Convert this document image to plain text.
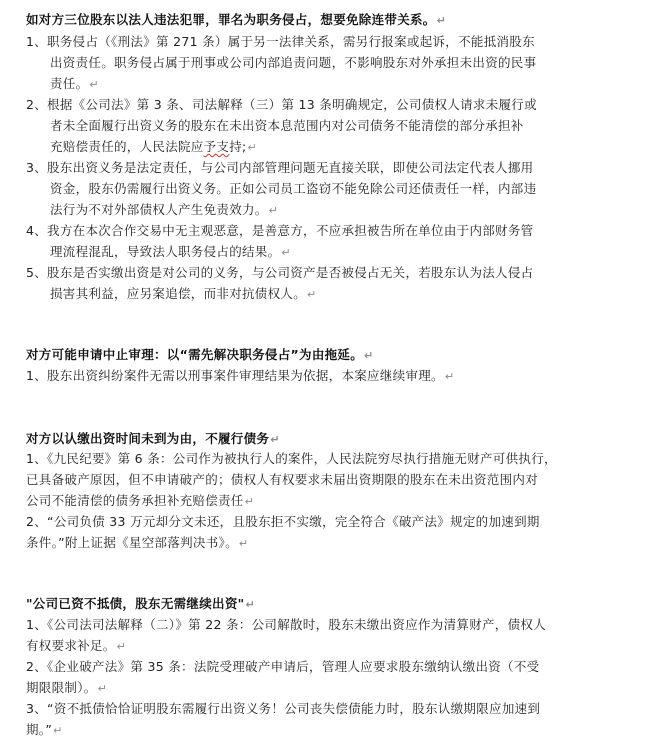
如对方三位股东以法人违法犯罪，罪名为职务侵占，想要免除连带关系。↵
1、职务侵占（《刑法》第 271 条）属于另一法律关系，需另行报案或起诉，不能抵消股东
出资责任。职务侵占属于刑事或公司内部追责问题，不影响股东对外承担未出资的民事
责任。↵
2、根据《公司法》第 3 条、司法解释（三）第 13 条明确规定，公司债权人请求未履行或
者未全面履行出资义务的股东在未出资本息范围内对公司债务不能清偿的部分承担补
充赔偿责任的，人民法院应予支持;↵
3、股东出资义务是法定责任，与公司内部管理问题无直接关联，即使公司法定代表人挪用
资金，股东仍需履行出资义务。正如公司员工盗窃不能免除公司还债责任一样，内部违
法行为不对外部债权人产生免责效力。↵
4、我方在本次合作交易中无主观恶意，是善意方，不应承担被告所在单位由于内部财务管
理流程混乱，导致法人职务侵占的结果。↵
5、股东是否实缴出资是对公司的义务，与公司资产是否被侵占无关，若股东认为法人侵占
损害其利益，应另案追偿，而非对抗债权人。↵
对方可能申请中止审理：以“需先解决职务侵占”为由拖延。↵
1、股东出资纠纷案件无需以刑事案件审理结果为依据，本案应继续审理。↵
对方以认缴出资时间未到为由，不履行债务↵
1、《九民纪要》第 6 条：公司作为被执行人的案件，人民法院穷尽执行措施无财产可供执行，
已具备破产原因，但不申请破产的；债权人有权要求未届出资期限的股东在未出资范围内对
公司不能清偿的债务承担补充赔偿责任↵
2、“公司负债 33 万元却分文未还，且股东拒不实缴，完全符合《破产法》规定的加速到期
条件。”附上证据《星空部落判决书》。↵
"公司已资不抵债，股东无需继续出资"↵
1、《公司法司法解释（二）》第 22 条：公司解散时，股东未缴出资应作为清算财产，债权人
有权要求补足。↵
2、《企业破产法》第 35 条：法院受理破产申请后，管理人应要求股东缴纳认缴出资（不受
期限限制）。↵
3、“资不抵债恰恰证明股东需履行出资义务！公司丧失偿债能力时，股东认缴期限应加速到
期。”↵
